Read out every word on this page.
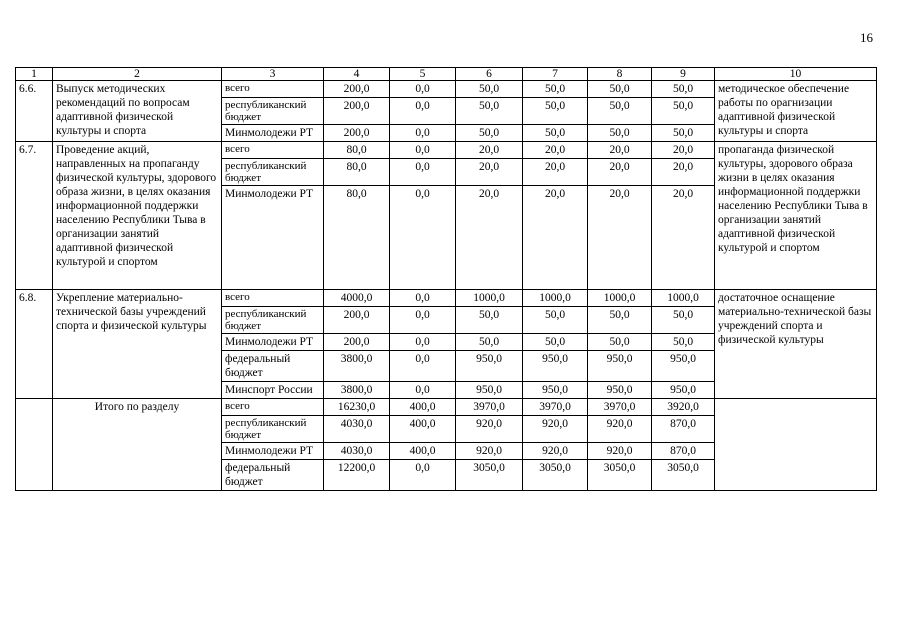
16
1	2	3	4	5	6	7	8	9	10
6.6.	Выпуск методических рекомендаций по вопросам адаптивной физической культуры и спорта	всего	200,0	0,0	50,0	50,0	50,0	50,0	методическое обеспечение работы по орагнизации адаптивной физической культуры и спорта
		республиканский бюджет	200,0	0,0	50,0	50,0	50,0	50,0	
		Минмолодежи РТ	200,0	0,0	50,0	50,0	50,0	50,0	
6.7.	Проведение акций, направленных на пропаганду физической культуры, здорового образа жизни, в целях оказания информационной поддержки населению Республики Тыва в организации занятий адаптивной физической культурой и спортом	всего	80,0	0,0	20,0	20,0	20,0	20,0	пропаганда физической культуры, здорового образа жизни в целях оказания информационной поддержки населению Республики Тыва в организации занятий адаптивной физической культурой и спортом
		республиканский бюджет	80,0	0,0	20,0	20,0	20,0	20,0	
		Минмолодежи РТ	80,0	0,0	20,0	20,0	20,0	20,0	
6.8.	Укрепление материально-технической базы учреждений спорта и физической культуры	всего	4000,0	0,0	1000,0	1000,0	1000,0	1000,0	достаточное оснащение материально-технической базы учреждений спорта и физической культуры
		республиканский бюджет	200,0	0,0	50,0	50,0	50,0	50,0	
		Минмолодежи РТ	200,0	0,0	50,0	50,0	50,0	50,0	
		федеральный бюджет	3800,0	0,0	950,0	950,0	950,0	950,0	
		Минспорт России	3800,0	0,0	950,0	950,0	950,0	950,0	
	Итого по разделу	всего	16230,0	400,0	3970,0	3970,0	3970,0	3920,0	
		республиканский бюджет	4030,0	400,0	920,0	920,0	920,0	870,0	
		Минмолодежи РТ	4030,0	400,0	920,0	920,0	920,0	870,0	
		федеральный бюджет	12200,0	0,0	3050,0	3050,0	3050,0	3050,0	
